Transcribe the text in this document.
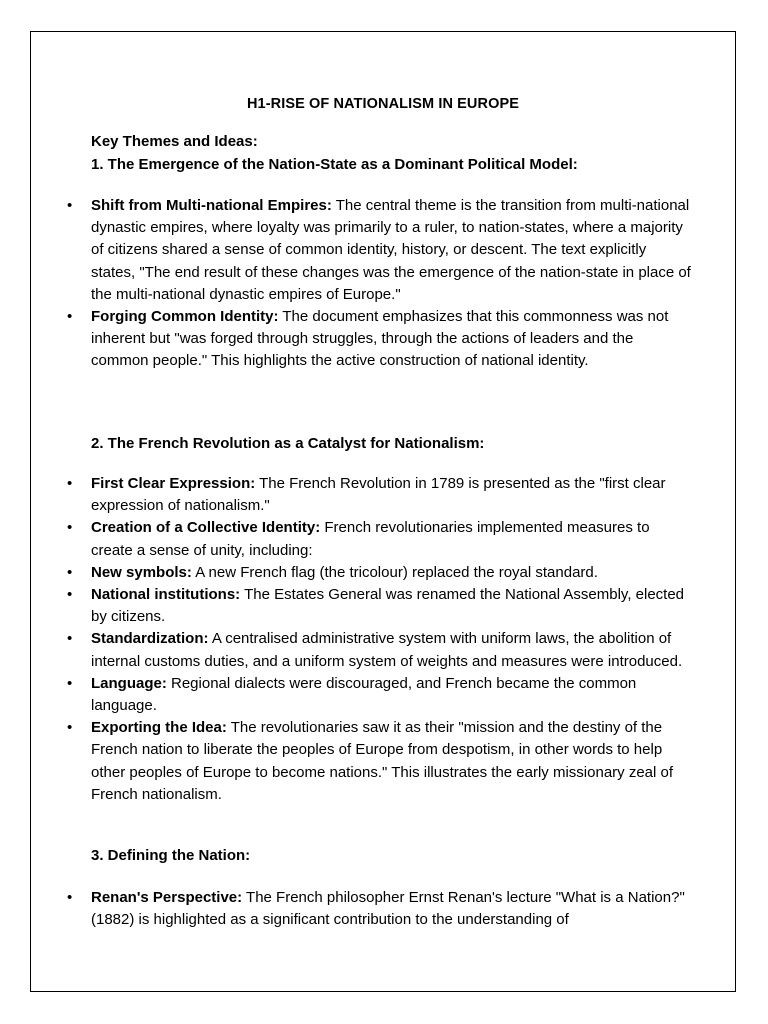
H1-RISE OF NATIONALISM IN EUROPE
Key Themes and Ideas:
1. The Emergence of the Nation-State as a Dominant Political Model:
• Shift from Multi-national Empires: The central theme is the transition from multi-national dynastic empires, where loyalty was primarily to a ruler, to nation-states, where a majority of citizens shared a sense of common identity, history, or descent. The text explicitly states, "The end result of these changes was the emergence of the nation-state in place of the multi-national dynastic empires of Europe."
• Forging Common Identity: The document emphasizes that this commonness was not inherent but "was forged through struggles, through the actions of leaders and the common people." This highlights the active construction of national identity.
2. The French Revolution as a Catalyst for Nationalism:
• First Clear Expression: The French Revolution in 1789 is presented as the "first clear expression of nationalism."
• Creation of a Collective Identity: French revolutionaries implemented measures to create a sense of unity, including:
• New symbols: A new French flag (the tricolour) replaced the royal standard.
• National institutions: The Estates General was renamed the National Assembly, elected by citizens.
• Standardization: A centralised administrative system with uniform laws, the abolition of internal customs duties, and a uniform system of weights and measures were introduced.
• Language: Regional dialects were discouraged, and French became the common language.
• Exporting the Idea: The revolutionaries saw it as their "mission and the destiny of the French nation to liberate the peoples of Europe from despotism, in other words to help other peoples of Europe to become nations." This illustrates the early missionary zeal of French nationalism.
3. Defining the Nation:
• Renan's Perspective: The French philosopher Ernst Renan's lecture "What is a Nation?" (1882) is highlighted as a significant contribution to the understanding of
